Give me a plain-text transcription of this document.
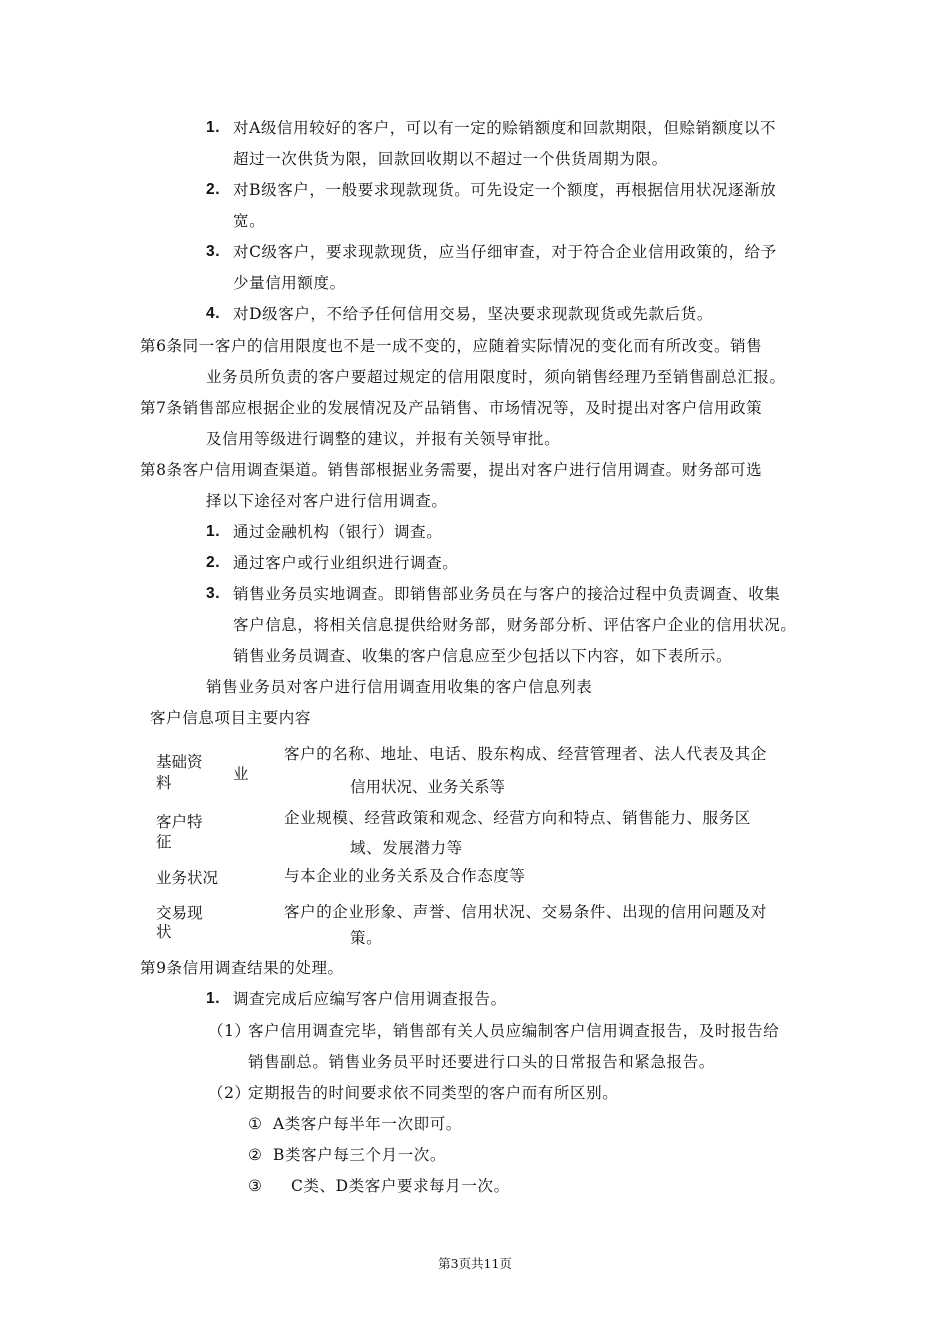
1. 对A级信用较好的客户，可以有一定的赊销额度和回款期限，但赊销额度以不
超过一次供货为限，回款回收期以不超过一个供货周期为限。
2. 对B级客户，一般要求现款现货。可先设定一个额度，再根据信用状况逐渐放
宽。
3. 对C级客户，要求现款现货，应当仔细审查，对于符合企业信用政策的，给予
少量信用额度。
4. 对D级客户，不给予任何信用交易，坚决要求现款现货或先款后货。
第6条同一客户的信用限度也不是一成不变的，应随着实际情况的变化而有所改变。销售
业务员所负责的客户要超过规定的信用限度时，须向销售经理乃至销售副总汇报。
第7条销售部应根据企业的发展情况及产品销售、市场情况等，及时提出对客户信用政策
及信用等级进行调整的建议，并报有关领导审批。
第8条客户信用调查渠道。销售部根据业务需要，提出对客户进行信用调查。财务部可选
择以下途径对客户进行信用调查。
1. 通过金融机构（银行）调查。
2. 通过客户或行业组织进行调查。
3. 销售业务员实地调查。即销售部业务员在与客户的接洽过程中负责调查、收集
客户信息，将相关信息提供给财务部，财务部分析、评估客户企业的信用状况。
销售业务员调查、收集的客户信息应至少包括以下内容，如下表所示。
销售业务员对客户进行信用调查用收集的客户信息列表
客户信息项目主要内容
基础资
料	业
客户的名称、地址、电话、股东构成、经营管理者、法人代表及其企
信用状况、业务关系等
客户特
征
企业规模、经营政策和观念、经营方向和特点、销售能力、服务区
域、发展潜力等
业务状况	与本企业的业务关系及合作态度等
交易现
状
客户的企业形象、声誉、信用状况、交易条件、出现的信用问题及对
策。
第9条信用调查结果的处理。
1. 调查完成后应编写客户信用调查报告。
（1）
客户信用调查完毕，销售部有关人员应编制客户信用调查报告，及时报告给
销售副总。销售业务员平时还要进行口头的日常报告和紧急报告。
（2）
定期报告的时间要求依不同类型的客户而有所区别。
① A类客户每半年一次即可。
② B类客户每三个月一次。
③ C类、D类客户要求每月一次。
第3页共11页
